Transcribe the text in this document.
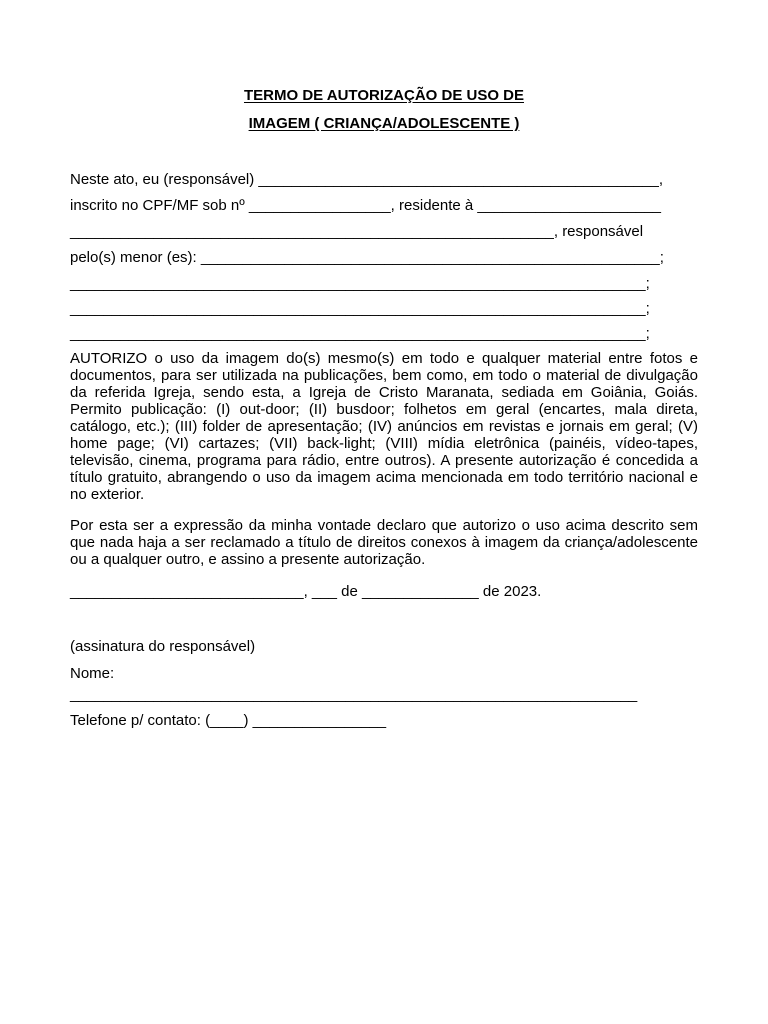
TERMO DE AUTORIZAÇÃO DE USO DE
IMAGEM ( CRIANÇA/ADOLESCENTE )
Neste ato, eu (responsável) ________________________________________________,
inscrito no CPF/MF sob nº _________________, residente à ______________________
__________________________________________________________, responsável
pelo(s) menor (es): _______________________________________________________;
_____________________________________________________________________;
_____________________________________________________________________;
_____________________________________________________________________;
AUTORIZO o uso da imagem do(s) mesmo(s) em todo e qualquer material entre fotos e documentos, para ser utilizada na publicações, bem como, em todo o material de divulgação da referida Igreja, sendo esta, a Igreja de Cristo Maranata, sediada em Goiânia, Goiás. Permito publicação: (I) out-door; (II) busdoor; folhetos em geral (encartes, mala direta, catálogo, etc.); (III) folder de apresentação; (IV) anúncios em revistas e jornais em geral; (V) home page; (VI) cartazes; (VII) back-light; (VIII) mídia eletrônica (painéis, vídeo-tapes, televisão, cinema, programa para rádio, entre outros). A presente autorização é concedida a título gratuito, abrangendo o uso da imagem acima mencionada em todo território nacional e no exterior.
Por esta ser a expressão da minha vontade declaro que autorizo o uso acima descrito sem que nada haja a ser reclamado a título de direitos conexos à imagem da criança/adolescente ou a qualquer outro, e assino a presente autorização.
____________________________, ___ de ______________ de 2023.
(assinatura do responsável)
Nome:
____________________________________________________________________
Telefone p/ contato: (____) ________________
